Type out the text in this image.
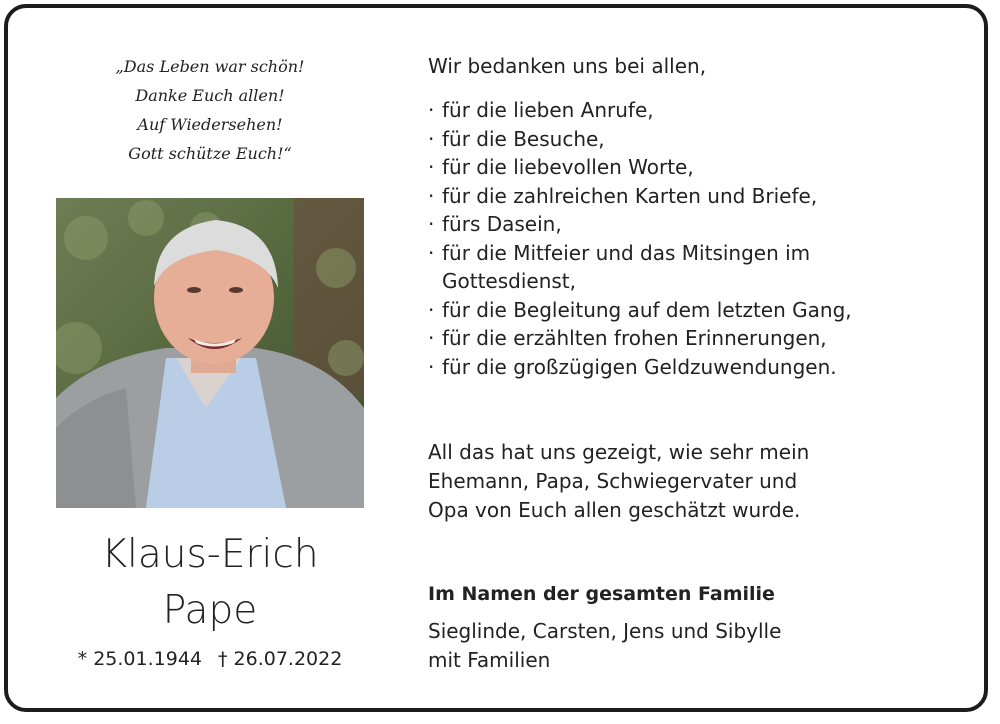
„Das Leben war schön!
Danke Euch allen!
Auf Wiedersehen!
Gott schütze Euch!“
Klaus-Erich
Pape
* 25.01.1944 † 26.07.2022
Wir bedanken uns bei allen,
· für die lieben Anrufe,
· für die Besuche,
· für die liebevollen Worte,
· für die zahlreichen Karten und Briefe,
· fürs Dasein,
· für die Mitfeier und das Mitsingen im
Gottesdienst,
· für die Begleitung auf dem letzten Gang,
· für die erzählten frohen Erinnerungen,
· für die großzügigen Geldzuwendungen.
All das hat uns gezeigt, wie sehr mein
Ehemann, Papa, Schwiegervater und
Opa von Euch allen geschätzt wurde.
Im Namen der gesamten Familie
Sieglinde, Carsten, Jens und Sibylle
mit Familien
